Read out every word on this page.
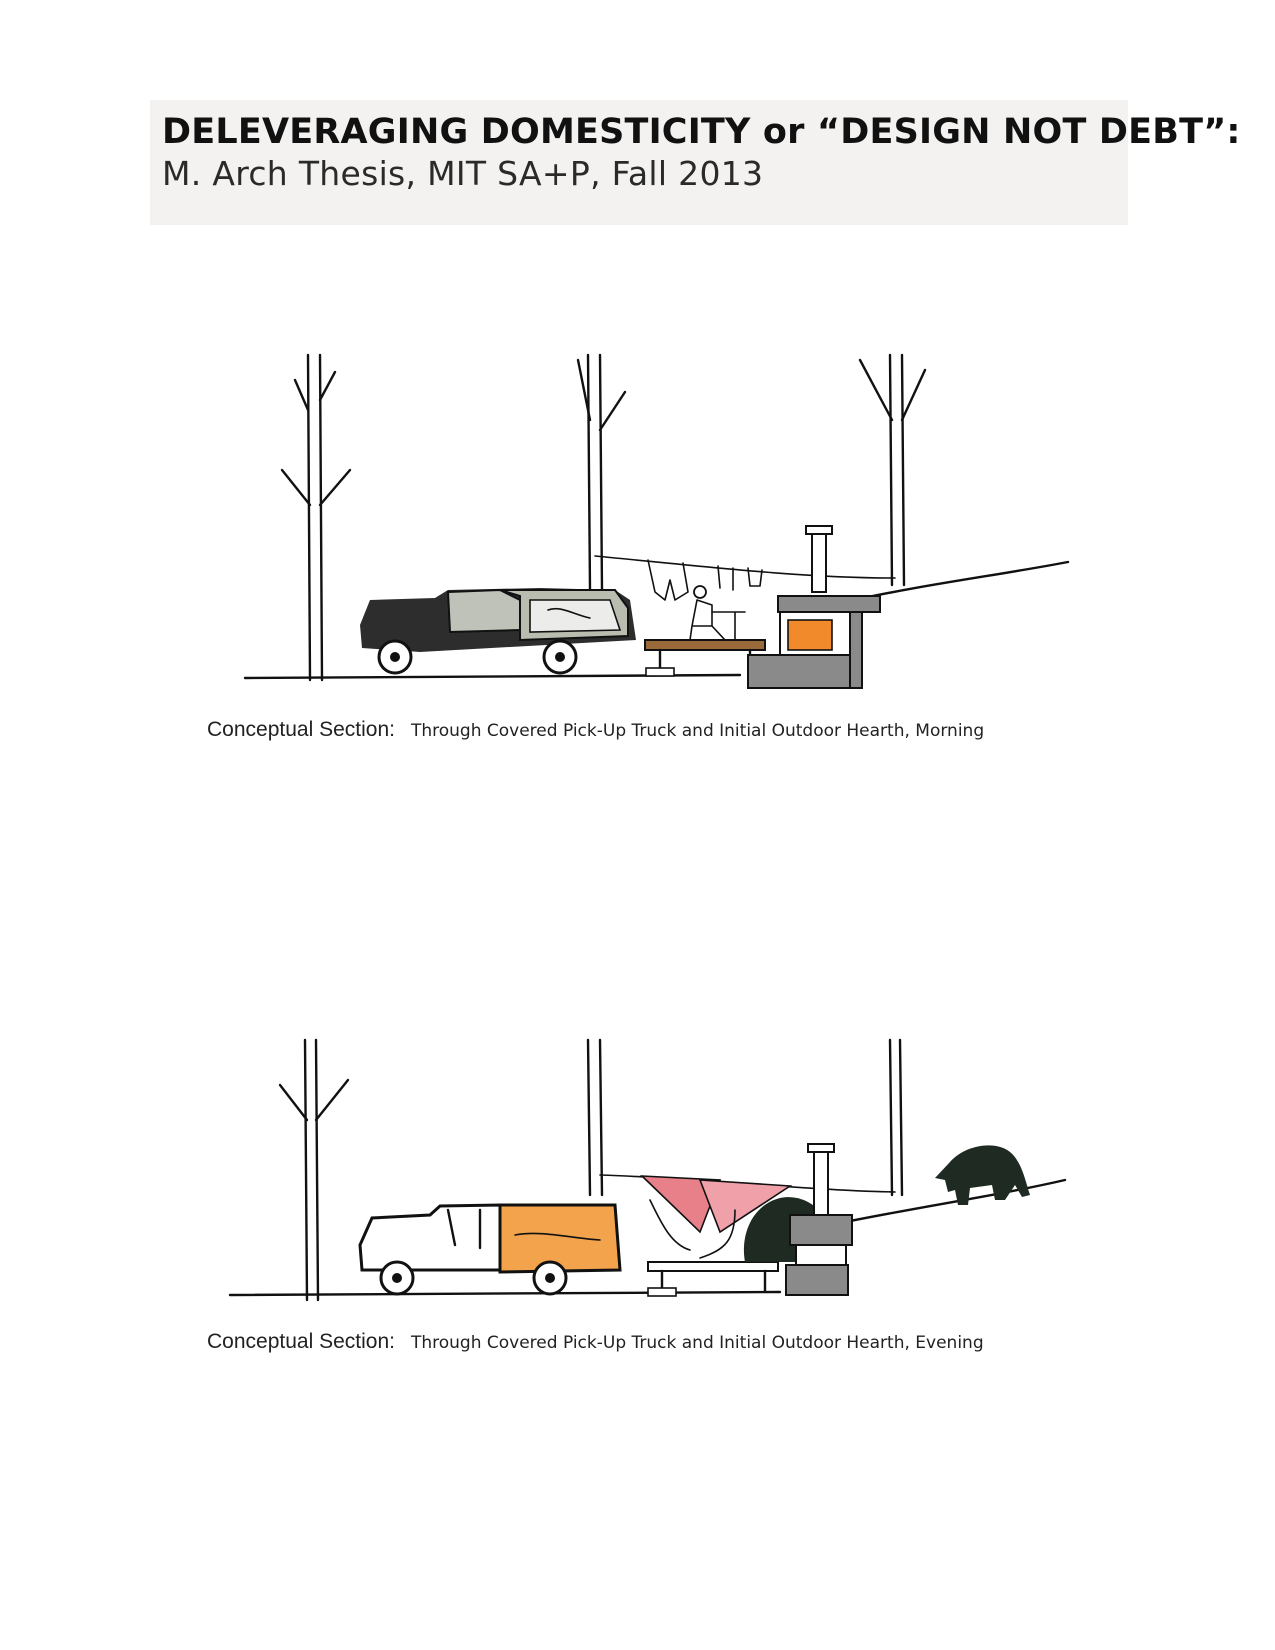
DELEVERAGING DOMESTICITY or “DESIGN NOT DEBT”:
M. Arch Thesis, MIT SA+P, Fall 2013
Conceptual Section: Through Covered Pick-Up Truck and Initial Outdoor Hearth, Morning
Conceptual Section: Through Covered Pick-Up Truck and Initial Outdoor Hearth, Evening
